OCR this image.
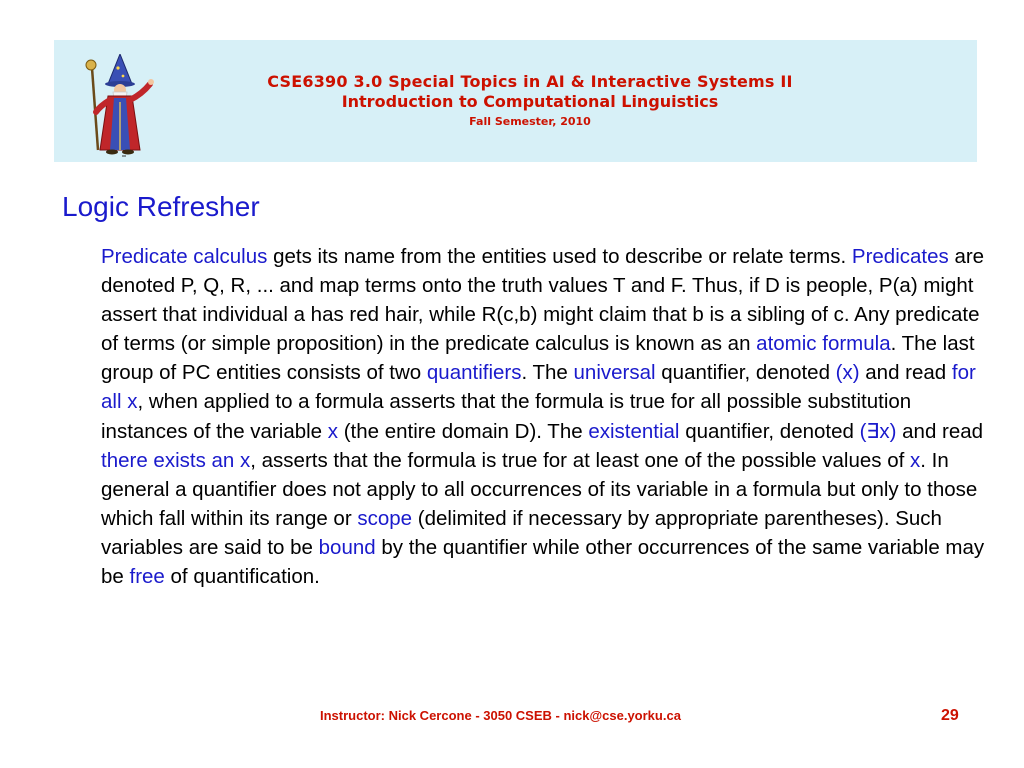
CSE6390 3.0 Special Topics in AI & Interactive Systems II
Introduction to Computational Linguistics
Fall Semester, 2010
Logic Refresher
Predicate calculus gets its name from the entities used to describe or relate terms. Predicates are denoted P, Q, R, ... and map terms onto the truth values T and F. Thus, if D is people, P(a) might assert that individual a has red hair, while R(c,b) might claim that b is a sibling of c. Any predicate of terms (or simple proposition) in the predicate calculus is known as an atomic formula. The last group of PC entities consists of two quantifiers. The universal quantifier, denoted (x) and read for all x, when applied to a formula asserts that the formula is true for all possible substitution instances of the variable x (the entire domain D). The existential quantifier, denoted (∃x) and read there exists an x, asserts that the formula is true for at least one of the possible values of x. In general a quantifier does not apply to all occurrences of its variable in a formula but only to those which fall within its range or scope (delimited if necessary by appropriate parentheses). Such variables are said to be bound by the quantifier while other occurrences of the same variable may be free of quantification.
Instructor: Nick Cercone - 3050 CSEB - nick@cse.yorku.ca	29
